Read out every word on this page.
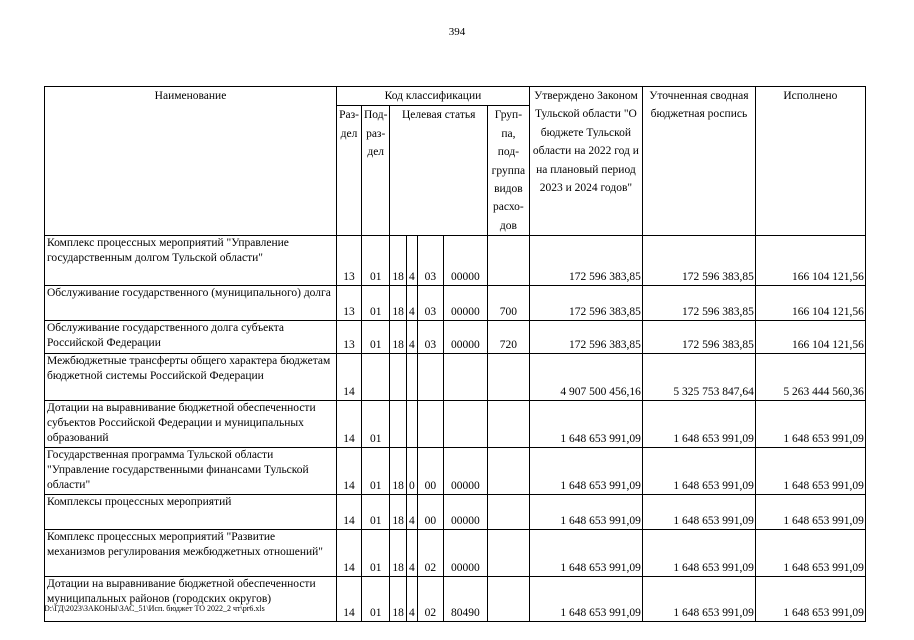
394
Наименование	Код классификации							Утверждено Законом Тульской области "О бюджете Тульской области на 2022 год и на плановый период 2023 и 2024 годов"	Уточненная сводная бюджетная роспись	Исполнено
	Раз-дел	Под-раз-дел	Целевая статья				Груп-па, под-группа видов расхо-дов			
Комплекс процессных мероприятий "Управление государственным долгом Тульской области"	13	01	18	4	03	00000		172 596 383,85	172 596 383,85	166 104 121,56
Обслуживание государственного (муниципального) долга	13	01	18	4	03	00000	700	172 596 383,85	172 596 383,85	166 104 121,56
Обслуживание государственного долга субъекта Российской Федерации	13	01	18	4	03	00000	720	172 596 383,85	172 596 383,85	166 104 121,56
Межбюджетные трансферты общего характера бюджетам бюджетной системы Российской Федерации	14							4 907 500 456,16	5 325 753 847,64	5 263 444 560,36
Дотации на выравнивание бюджетной обеспеченности субъектов Российской Федерации и муниципальных образований	14	01						1 648 653 991,09	1 648 653 991,09	1 648 653 991,09
Государственная программа Тульской области "Управление государственными финансами Тульской области"	14	01	18	0	00	00000		1 648 653 991,09	1 648 653 991,09	1 648 653 991,09
Комплексы процессных мероприятий	14	01	18	4	00	00000		1 648 653 991,09	1 648 653 991,09	1 648 653 991,09
Комплекс процессных мероприятий "Развитие механизмов регулирования межбюджетных отношений"	14	01	18	4	02	00000		1 648 653 991,09	1 648 653 991,09	1 648 653 991,09
Дотации на выравнивание бюджетной обеспеченности муниципальных районов (городских округов)	14	01	18	4	02	80490		1 648 653 991,09	1 648 653 991,09	1 648 653 991,09
D:\ГД\2023\ЗАКОНЫ\ЗАС_51\Исп. бюджет ТО 2022_2 чт\pr6.xls
